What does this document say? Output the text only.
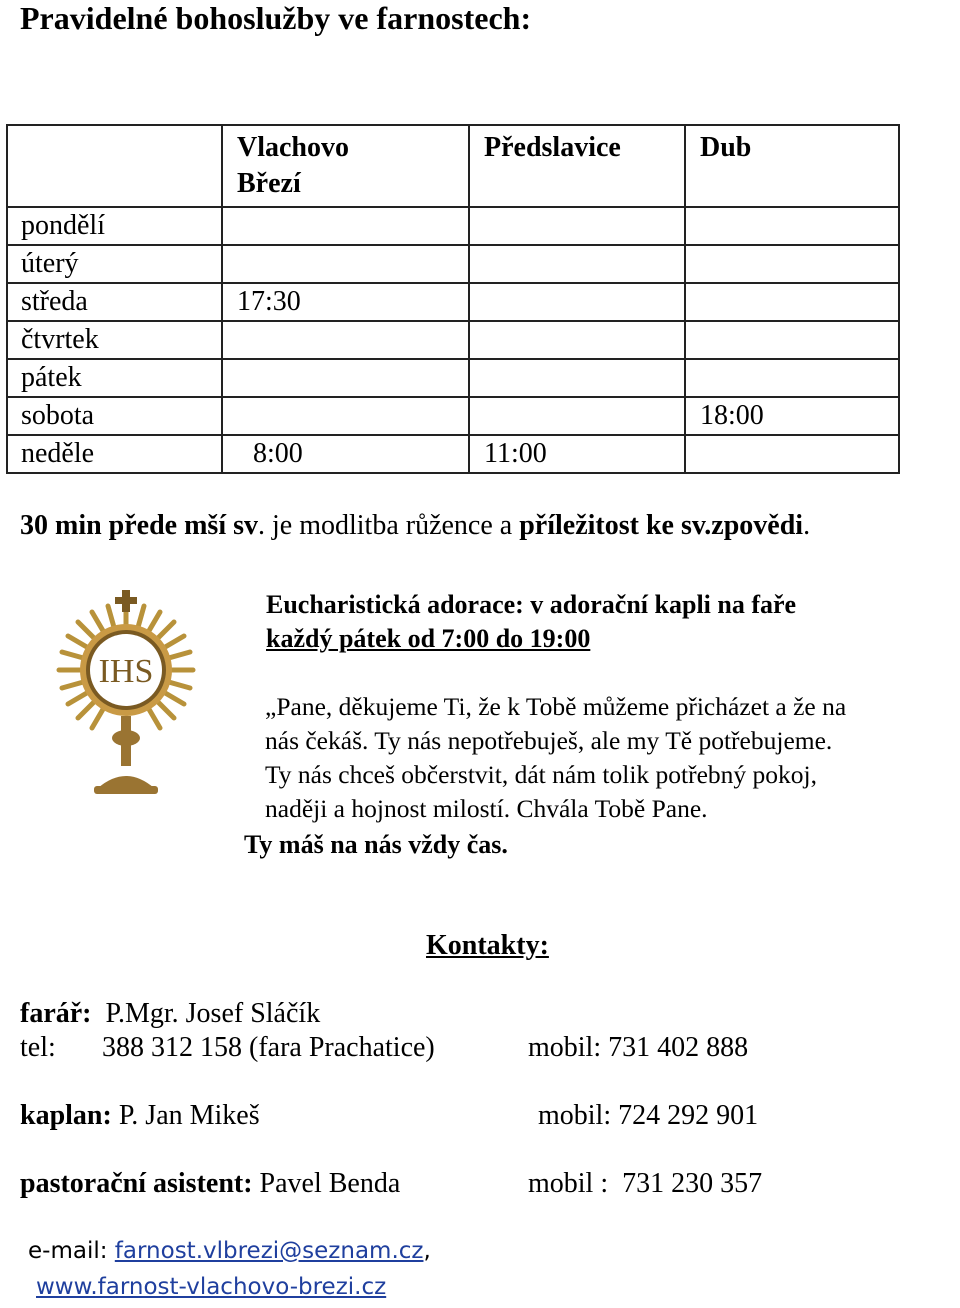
Pravidelné bohoslužby ve farnostech:

	Vlachovo Březí	Předslavice	Dub
pondělí			
úterý			
středa	17:30		
čtvrtek			
pátek			
sobota			18:00
neděle	8:00	11:00	
30 min přede mší sv. je modlitba růžence a příležitost ke sv.zpovědi.
IHS
Eucharistická adorace: v adorační kapli na faře
každý pátek od 7:00 do 19:00
„Pane, děkujeme Ti, že k Tobě můžeme přicházet a že na
nás čekáš. Ty nás nepotřebuješ, ale my Tě potřebujeme.
Ty nás chceš občerstvit, dát nám tolik potřebný pokoj,
naději a hojnost milostí. Chvála Tobě Pane.
Ty máš na nás vždy čas.
Kontakty:
farář:  P.Mgr. Josef Sláčík
tel: 388 312 158 (fara Prachatice)	mobil: 731 402 888
kaplan: P. Jan Mikeš	mobil: 724 292 901
pastorační asistent: Pavel Benda	mobil :  731 230 357
e-mail: farnost.vlbrezi@seznam.cz,
www.farnost-vlachovo-brezi.cz
